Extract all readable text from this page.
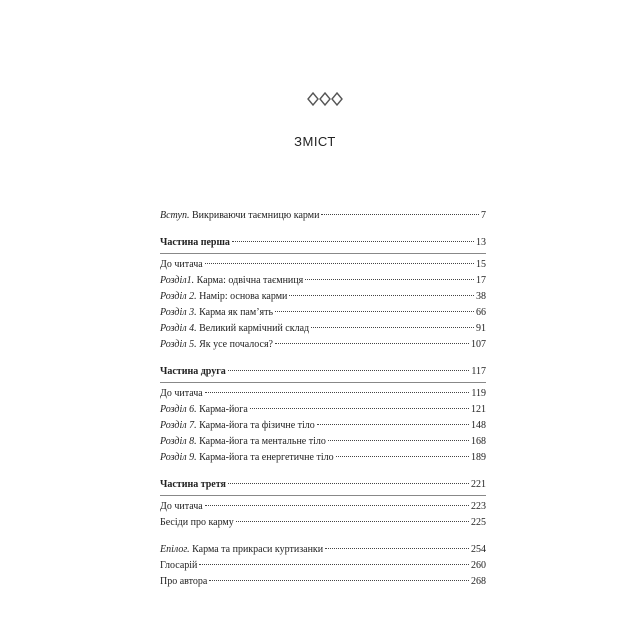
ЗМІСТ
Вступ. Викриваючи таємницю карми	7
Частина перша	13
До читача	15
Розділ1. Карма: одвічна таємниця	17
Розділ 2. Намір: основа карми	38
Розділ 3. Карма як пам’ять	66
Розділ 4. Великий кармічний склад	91
Розділ 5. Як усе почалося?	107
Частина друга	117
До читача	119
Розділ 6. Карма-йога	121
Розділ 7. Карма-йога та фізичне тіло	148
Розділ 8. Карма-йога та ментальне тіло	168
Розділ 9. Карма-йога та енергетичне тіло	189
Частина третя	221
До читача	223
Бесіди про карму	225
Епілог. Карма та прикраси куртизанки	254
Глосарій	260
Про автора	268
